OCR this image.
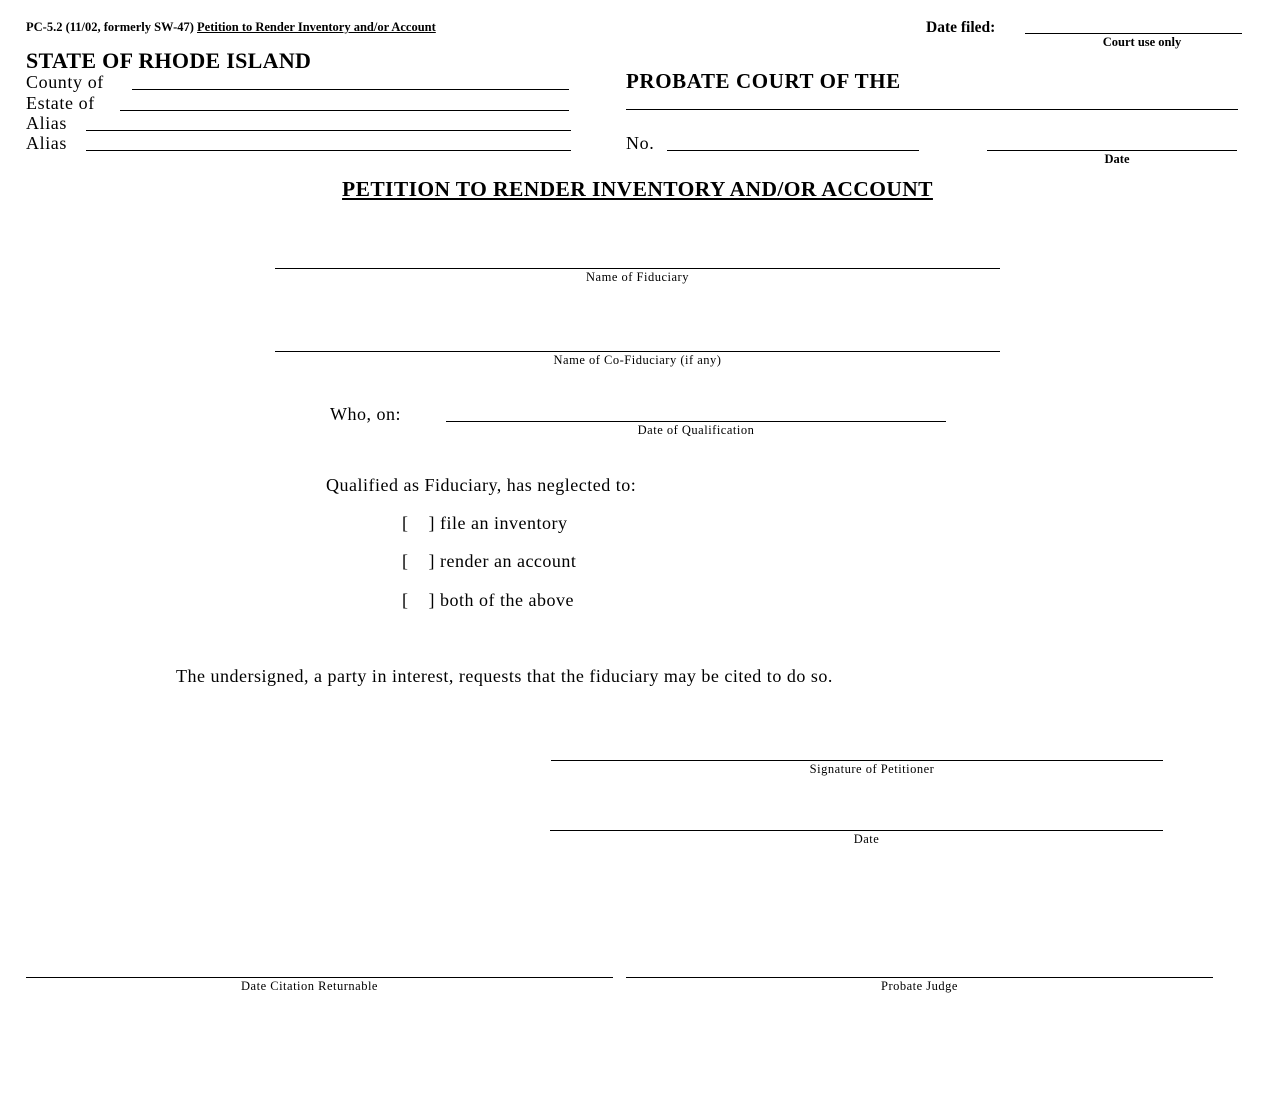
PC-5.2 (11/02, formerly SW-47) Petition to Render Inventory and/or Account	Date filed:
Court use only
STATE OF RHODE ISLAND
County of
Estate of
Alias
Alias
PROBATE COURT OF THE
No.
Date
PETITION TO RENDER INVENTORY AND/OR ACCOUNT
Name of Fiduciary
Name of Co-Fiduciary (if any)
Who, on:
Date of Qualification
Qualified as Fiduciary, has neglected to:
[    ] file an inventory
[    ] render an account
[    ] both of the above
The undersigned, a party in interest, requests that the fiduciary may be cited to do so.
Signature of Petitioner
Date
Date Citation Returnable	Probate Judge
